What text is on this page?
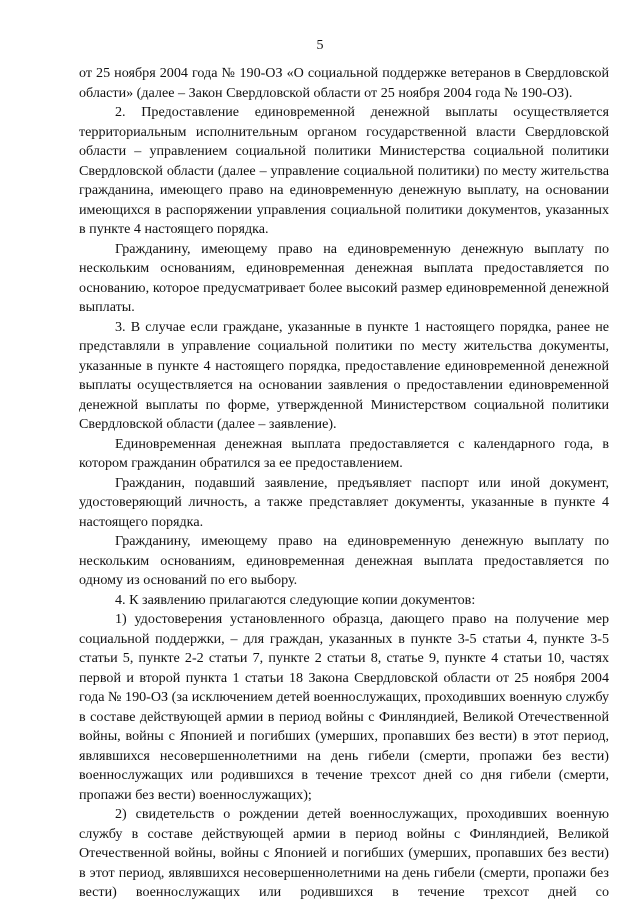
5

от 25 ноября 2004 года № 190-ОЗ «О социальной поддержке ветеранов в Свердловской области» (далее – Закон Свердловской области от 25 ноября 2004 года № 190-ОЗ).

2. Предоставление единовременной денежной выплаты осуществляется территориальным исполнительным органом государственной власти Свердловской области – управлением социальной политики Министерства социальной политики Свердловской области (далее – управление социальной политики) по месту жительства гражданина, имеющего право на единовременную денежную выплату, на основании имеющихся в распоряжении управления социальной политики документов, указанных в пункте 4 настоящего порядка.

Гражданину, имеющему право на единовременную денежную выплату по нескольким основаниям, единовременная денежная выплата предоставляется по основанию, которое предусматривает более высокий размер единовременной денежной выплаты.

3. В случае если граждане, указанные в пункте 1 настоящего порядка, ранее не представляли в управление социальной политики по месту жительства документы, указанные в пункте 4 настоящего порядка, предоставление единовременной денежной выплаты осуществляется на основании заявления о предоставлении единовременной денежной выплаты по форме, утвержденной Министерством социальной политики Свердловской области (далее – заявление).

Единовременная денежная выплата предоставляется с календарного года, в котором гражданин обратился за ее предоставлением.

Гражданин, подавший заявление, предъявляет паспорт или иной документ, удостоверяющий личность, а также представляет документы, указанные в пункте 4 настоящего порядка.

Гражданину, имеющему право на единовременную денежную выплату по нескольким основаниям, единовременная денежная выплата предоставляется по одному из оснований по его выбору.

4. К заявлению прилагаются следующие копии документов:

1) удостоверения установленного образца, дающего право на получение мер социальной поддержки, – для граждан, указанных в пункте 3-5 статьи 4, пункте 3-5 статьи 5, пункте 2-2 статьи 7, пункте 2 статьи 8, статье 9, пункте 4 статьи 10, частях первой и второй пункта 1 статьи 18 Закона Свердловской области от 25 ноября 2004 года № 190-ОЗ (за исключением детей военнослужащих, проходивших военную службу в составе действующей армии в период войны с Финляндией, Великой Отечественной войны, войны с Японией и погибших (умерших, пропавших без вести) в этот период, являвшихся несовершеннолетними на день гибели (смерти, пропажи без вести) военнослужащих или родившихся в течение трехсот дней со дня гибели (смерти, пропажи без вести) военнослужащих);

2) свидетельств о рождении детей военнослужащих, проходивших военную службу в составе действующей армии в период войны с Финляндией, Великой Отечественной войны, войны с Японией и погибших (умерших, пропавших без вести) в этот период, являвшихся несовершеннолетними на день гибели (смерти, пропажи без вести) военнослужащих или родившихся в течение трехсот дней со
